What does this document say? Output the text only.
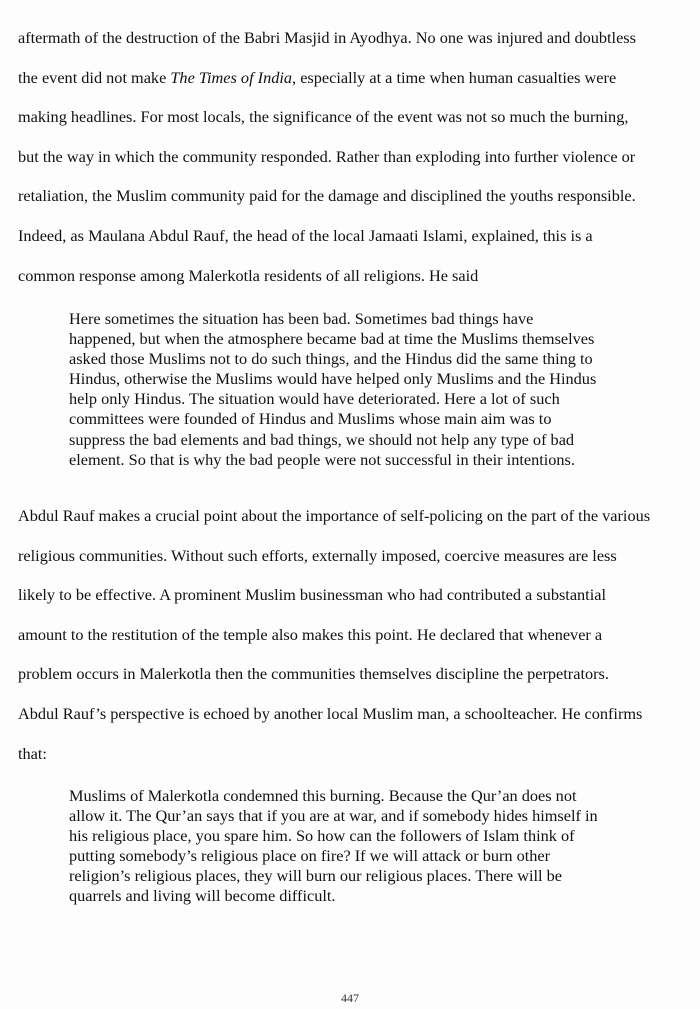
aftermath of the destruction of the Babri Masjid in Ayodhya. No one was injured and doubtless
the event did not make The Times of India, especially at a time when human casualties were
making headlines. For most locals, the significance of the event was not so much the burning,
but the way in which the community responded. Rather than exploding into further violence or
retaliation, the Muslim community paid for the damage and disciplined the youths responsible.
Indeed, as Maulana Abdul Rauf, the head of the local Jamaati Islami, explained, this is a
common response among Malerkotla residents of all religions. He said
Here sometimes the situation has been bad. Sometimes bad things have
happened, but when the atmosphere became bad at time the Muslims themselves
asked those Muslims not to do such things, and the Hindus did the same thing to
Hindus, otherwise the Muslims would have helped only Muslims and the Hindus
help only Hindus. The situation would have deteriorated. Here a lot of such
committees were founded of Hindus and Muslims whose main aim was to
suppress the bad elements and bad things, we should not help any type of bad
element. So that is why the bad people were not successful in their intentions.
Abdul Rauf makes a crucial point about the importance of self-policing on the part of the various
religious communities. Without such efforts, externally imposed, coercive measures are less
likely to be effective. A prominent Muslim businessman who had contributed a substantial
amount to the restitution of the temple also makes this point. He declared that whenever a
problem occurs in Malerkotla then the communities themselves discipline the perpetrators.
Abdul Rauf’s perspective is echoed by another local Muslim man, a schoolteacher. He confirms
that:
Muslims of Malerkotla condemned this burning. Because the Qur’an does not
allow it. The Qur’an says that if you are at war, and if somebody hides himself in
his religious place, you spare him. So how can the followers of Islam think of
putting somebody’s religious place on fire? If we will attack or burn other
religion’s religious places, they will burn our religious places. There will be
quarrels and living will become difficult.
447
